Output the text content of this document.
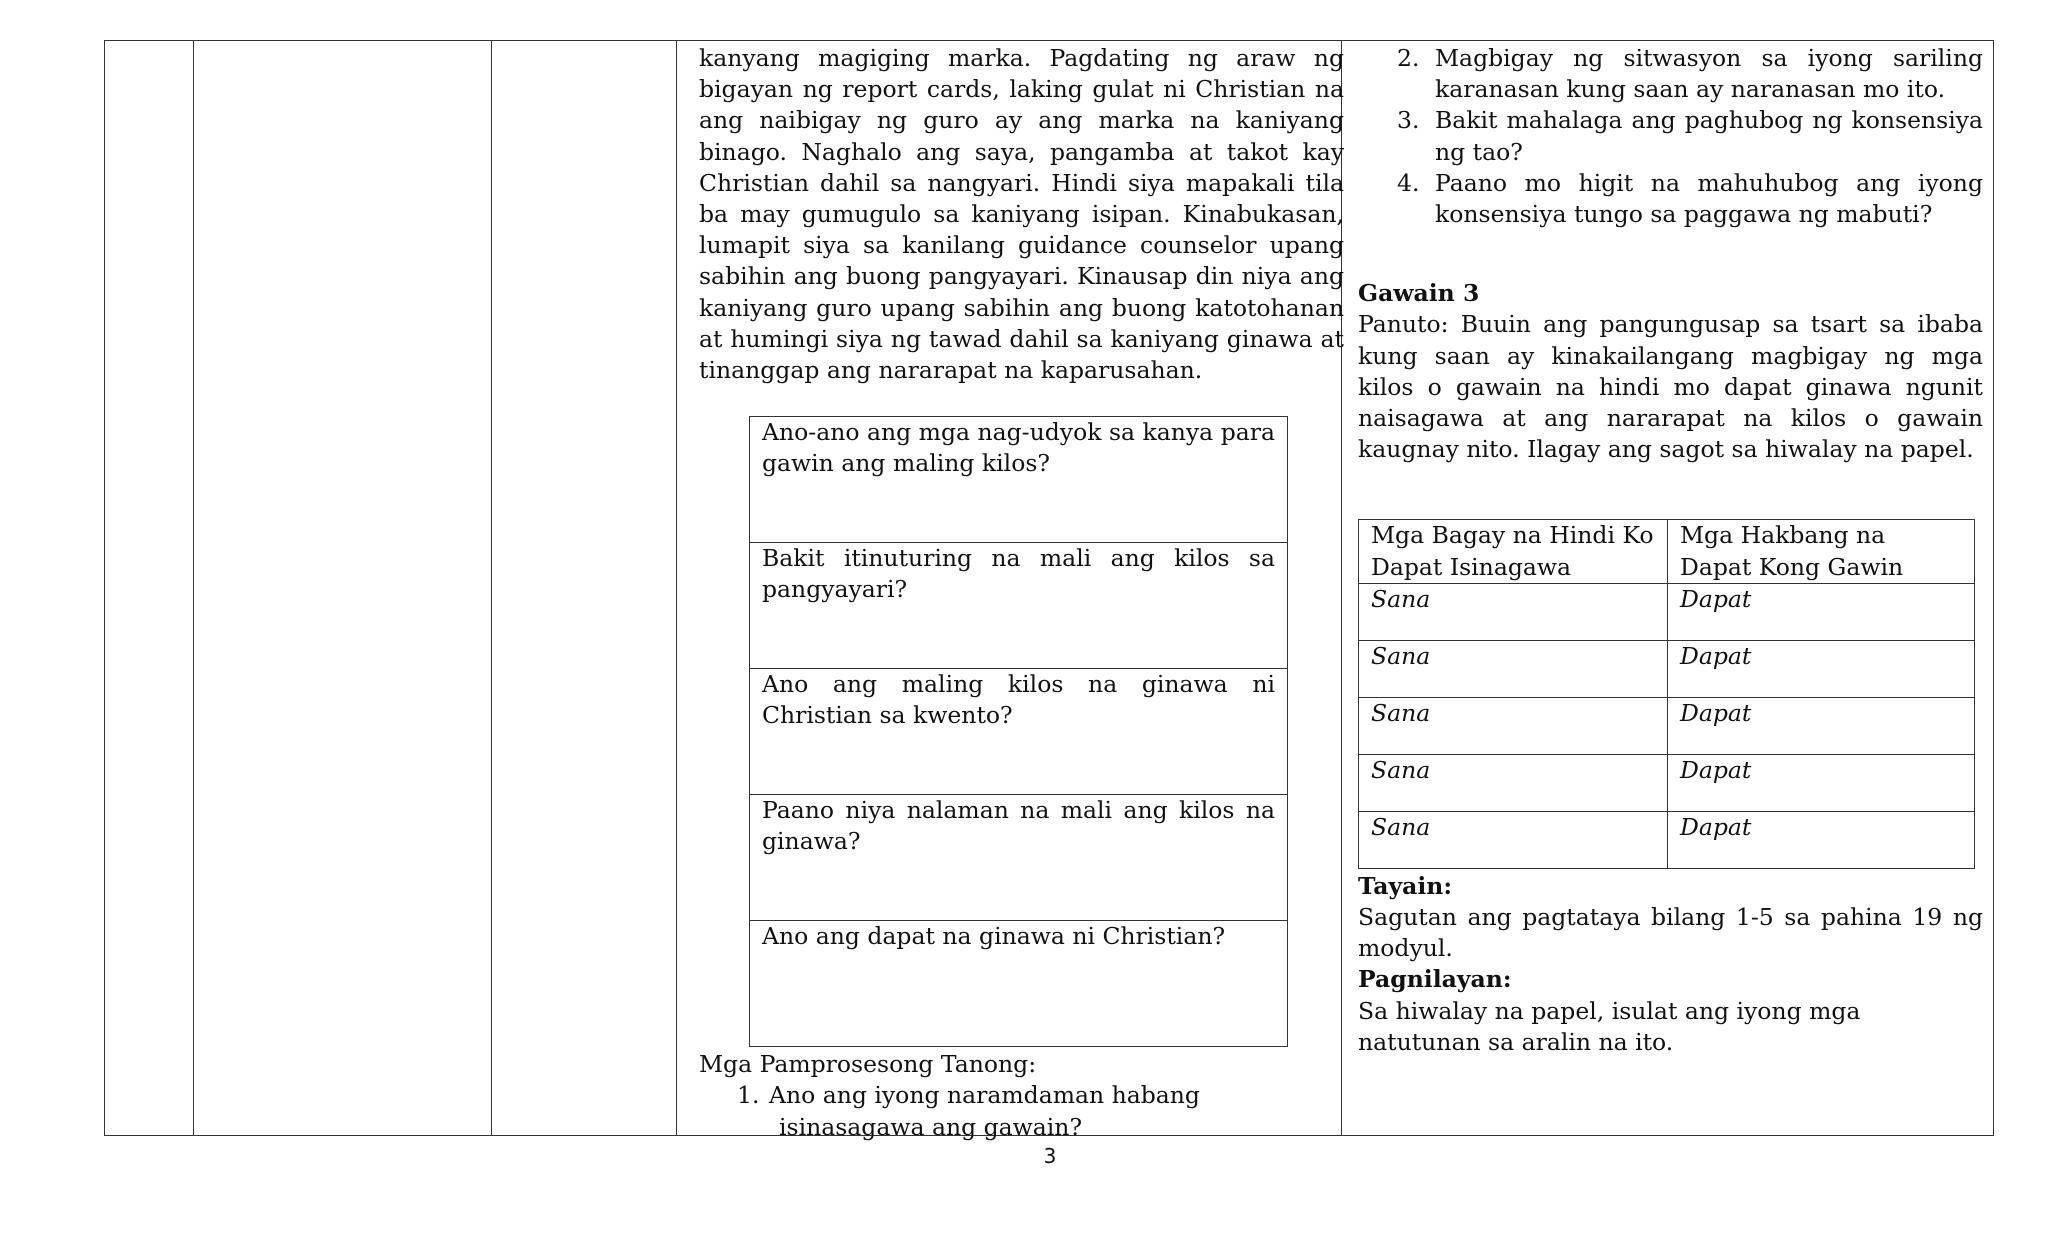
kanyang magiging marka. Pagdating ng araw ng bigayan ng report cards, laking gulat ni Christian na ang naibigay ng guro ay ang marka na kaniyang binago. Naghalo ang saya, pangamba at takot kay Christian dahil sa nangyari. Hindi siya mapakali tila ba may gumugulo sa kaniyang isipan. Kinabukasan, lumapit siya sa kanilang guidance counselor upang sabihin ang buong pangyayari. Kinausap din niya ang kaniyang guro upang sabihin ang buong katotohanan at humingi siya ng tawad dahil sa kaniyang ginawa at tinanggap ang nararapat na kaparusahan.

Ano-ano ang mga nag-udyok sa kanya para gawin ang maling kilos?
Bakit itinuturing na mali ang kilos sa pangyayari?
Ano ang maling kilos na ginawa ni Christian sa kwento?
Paano niya nalaman na mali ang kilos na ginawa?
Ano ang dapat na ginawa ni Christian?

Mga Pamprosesong Tanong:

1. Ano ang iyong naramdaman habang
isinasagawa ang gawain?
2. Magbigay ng sitwasyon sa iyong sariling karanasan kung saan ay naranasan mo ito.
3. Bakit mahalaga ang paghubog ng konsensiya ng tao?
4. Paano mo higit na mahuhubog ang iyong konsensiya tungo sa paggawa ng mabuti?

Gawain 3

Panuto: Buuin ang pangungusap sa tsart sa ibaba kung saan ay kinakailangang magbigay ng mga kilos o gawain na hindi mo dapat ginawa ngunit naisagawa at ang nararapat na kilos o gawain kaugnay nito. Ilagay ang sagot sa hiwalay na papel.

Mga Bagay na Hindi Ko Dapat Isinagawa	Mga Hakbang na Dapat Kong Gawin
Sana	Dapat
Sana	Dapat
Sana	Dapat
Sana	Dapat
Sana	Dapat

Tayain:

Sagutan ang pagtataya bilang 1-5 sa pahina 19 ng modyul.

Pagnilayan:

Sa hiwalay na papel, isulat ang iyong mga natutunan sa aralin na ito.

3
